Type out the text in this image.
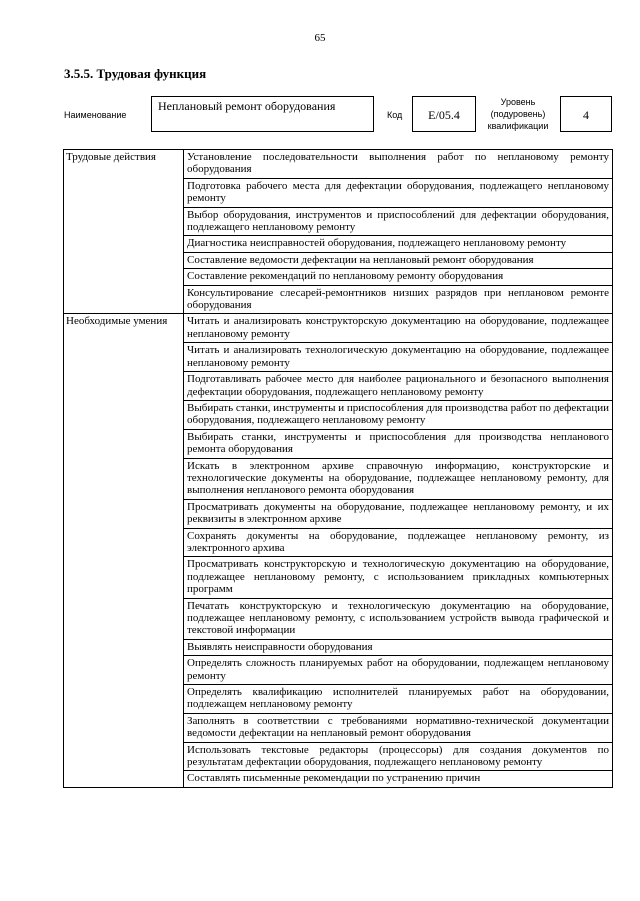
65
3.5.5. Трудовая функция
Наименование
Неплановый ремонт оборудования
Код	E/05.4
Уровень (подуровень) квалификации
4
Трудовые действия	Установление последовательности выполнения работ по неплановому ремонту оборудования
	Подготовка рабочего места для дефектации оборудования, подлежащего неплановому ремонту
	Выбор оборудования, инструментов и приспособлений для дефектации оборудования, подлежащего неплановому ремонту
	Диагностика неисправностей оборудования, подлежащего неплановому ремонту
	Составление ведомости дефектации на неплановый ремонт оборудования
	Составление рекомендаций по неплановому ремонту оборудования
	Консультирование слесарей-ремонтников низших разрядов при неплановом ремонте оборудования
Необходимые умения	Читать и анализировать конструкторскую документацию на оборудование, подлежащее неплановому ремонту
	Читать и анализировать технологическую документацию на оборудование, подлежащее неплановому ремонту
	Подготавливать рабочее место для наиболее рационального и безопасного выполнения дефектации оборудования, подлежащего неплановому ремонту
	Выбирать станки, инструменты и приспособления для производства работ по дефектации оборудования, подлежащего неплановому ремонту
	Выбирать станки, инструменты и приспособления для производства непланового ремонта оборудования
	Искать в электронном архиве справочную информацию, конструкторские и технологические документы на оборудование, подлежащее неплановому ремонту, для выполнения непланового ремонта оборудования
	Просматривать документы на оборудование, подлежащее неплановому ремонту, и их реквизиты в электронном архиве
	Сохранять документы на оборудование, подлежащее неплановому ремонту, из электронного архива
	Просматривать конструкторскую и технологическую документацию на оборудование, подлежащее неплановому ремонту, с использованием прикладных компьютерных программ
	Печатать конструкторскую и технологическую документацию на оборудование, подлежащее неплановому ремонту, с использованием устройств вывода графической и текстовой информации
	Выявлять неисправности оборудования
	Определять сложность планируемых работ на оборудовании, подлежащем неплановому ремонту
	Определять квалификацию исполнителей планируемых работ на оборудовании, подлежащем неплановому ремонту
	Заполнять в соответствии с требованиями нормативно-технической документации ведомости дефектации на неплановый ремонт оборудования
	Использовать текстовые редакторы (процессоры) для создания документов по результатам дефектации оборудования, подлежащего неплановому ремонту
	Составлять письменные рекомендации по устранению причин
